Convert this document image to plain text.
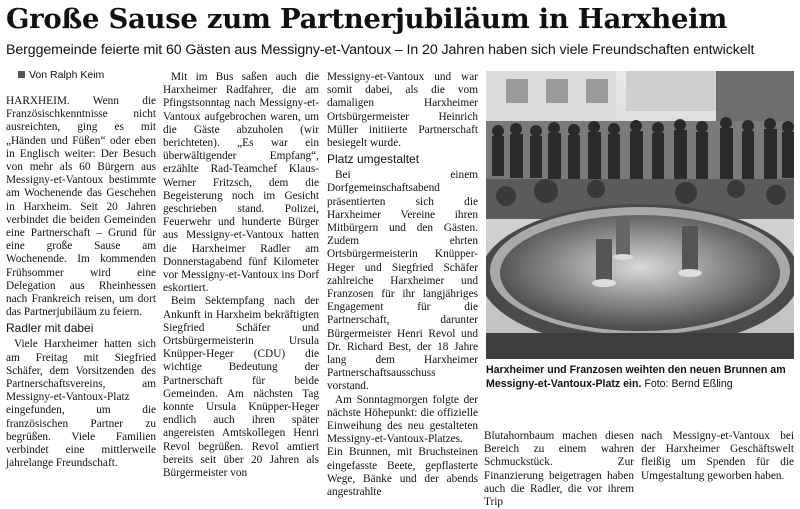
Große Sause zum Partnerjubiläum in Harxheim
Berggemeinde feierte mit 60 Gästen aus Messigny-et-Vantoux – In 20 Jahren haben sich viele Freundschaften entwickelt
Von Ralph Keim

HARXHEIM. Wenn die Französischkenntnisse nicht ausreichten, ging es mit „Händen und Füßen“ oder eben in Englisch weiter: Der Besuch von mehr als 60 Bürgern aus Messigny-et-Vantoux bestimmte am Wochenende das Geschehen in Harxheim. Seit 20 Jahren verbindet die beiden Gemeinden eine Partnerschaft – Grund für eine große Sause am Wochenende. Im kommenden Frühsommer wird eine Delegation aus Rheinhessen nach Frankreich reisen, um dort das Partnerjubiläum zu feiern.

Radler mit dabei

Viele Harxheimer hatten sich am Freitag mit Siegfried Schäfer, dem Vorsitzenden des Partnerschaftsvereins, am Messigny-et-Vantoux-Platz eingefunden, um die französischen Partner zu begrüßen. Viele Familien verbindet eine mittlerweile jahrelange Freundschaft.

Mit im Bus saßen auch die Harxheimer Radfahrer, die am Pfingstsonntag nach Messigny-et-Vantoux aufgebrochen waren, um die Gäste abzuholen (wir berichteten). „Es war ein überwältigender Empfang“, erzählte Rad-Teamchef Klaus-Werner Fritzsch, dem die Begeisterung noch im Gesicht geschrieben stand. Polizei, Feuerwehr und hunderte Bürger aus Messigny-et-Vantoux hatten die Harxheimer Radler am Donnerstagabend fünf Kilometer vor Messigny-et-Vantoux ins Dorf eskortiert.

Beim Sektempfang nach der Ankunft in Harxheim bekräftigten Siegfried Schäfer und Ortsbürgermeisterin Ursula Knüpper-Heger (CDU) die wichtige Bedeutung der Partnerschaft für beide Gemeinden. Am nächsten Tag konnte Ursula Knüpper-Heger endlich auch ihren später angereisten Amtskollegen Henri Revol begrüßen. Revol amtiert bereits seit über 20 Jahren als Bürgermeister von

Messigny-et-Vantoux und war somit dabei, als die vom damaligen Harxheimer Ortsbürgermeister Heinrich Müller initiierte Partnerschaft besiegelt wurde.

Platz umgestaltet

Bei einem Dorfgemeinschaftsabend präsentierten sich die Harxheimer Vereine ihren Mitbürgern und den Gästen. Zudem ehrten Ortsbürgermeisterin Knüpper-Heger und Siegfried Schäfer zahlreiche Harxheimer und Franzosen für ihr langjähriges Engagement für die Partnerschaft, darunter Bürgermeister Henri Revol und Dr. Richard Best, der 18 Jahre lang dem Harxheimer Partnerschaftsausschuss vorstand.

Am Sonntagmorgen folgte der nächste Höhepunkt: die offizielle Einweihung des neu gestalteten Messigny-et-Vantoux-Platzes. Ein Brunnen, mit Bruchsteinen eingefasste Beete, gepflasterte Wege, Bänke und der abends angestrahlte

Harxheimer und Franzosen weihten den neuen Brunnen am Messigny-et-Vantoux-Platz ein. Foto: Bernd Eßling

Blutahornbaum machen diesen Bereich zu einem wahren Schmuckstück. Zur Finanzierung beigetragen haben auch die Radler, die vor ihrem Trip

nach Messigny-et-Vantoux bei der Harxheimer Geschäftswelt fleißig um Spenden für die Umgestaltung geworben haben.
